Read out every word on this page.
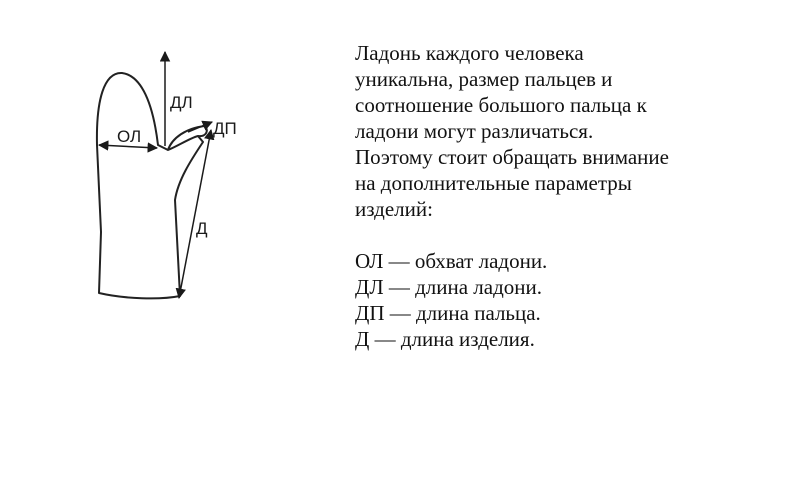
ОЛ
ДЛ
ДП
Д
Ладонь каждого человека
уникальна, размер пальцев и
соотношение большого пальца к
ладони могут различаться.
Поэтому стоит обращать внимание
на дополнительные параметры
изделий:
ОЛ — обхват ладони.
ДЛ — длина ладони.
ДП — длина пальца.
Д — длина изделия.
